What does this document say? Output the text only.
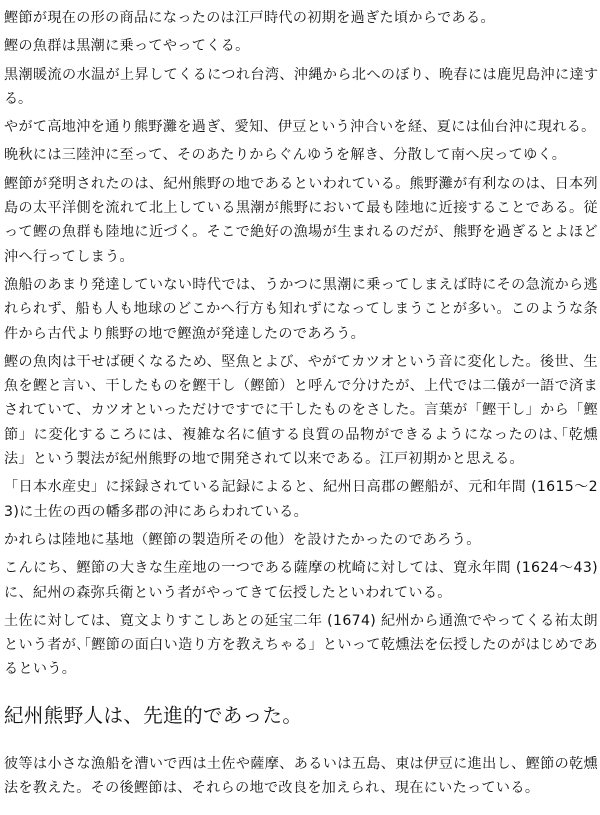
鰹節が現在の形の商品になったのは江戸時代の初期を過ぎた頃からである。

鰹の魚群は黒潮に乗ってやってくる。

黒潮暖流の水温が上昇してくるにつれ台湾、沖縄から北へのぼり、晩春には鹿児島沖に達する。

やがて高地沖を通り熊野灘を過ぎ、愛知、伊豆という沖合いを経、夏には仙台沖に現れる。

晩秋には三陸沖に至って、そのあたりからぐんゆうを解き、分散して南へ戻ってゆく。

鰹節が発明されたのは、紀州熊野の地であるといわれている。熊野灘が有利なのは、日本列島の太平洋側を流れて北上している黒潮が熊野において最も陸地に近接することである。従って鰹の魚群も陸地に近づく。そこで絶好の漁場が生まれるのだが、熊野を過ぎるとよほど沖へ行ってしまう。

漁船のあまり発達していない時代では、うかつに黒潮に乗ってしまえば時にその急流から逃れられず、船も人も地球のどこかへ行方も知れずになってしまうことが多い。このような条件から古代より熊野の地で鰹漁が発達したのであろう。

鰹の魚肉は干せば硬くなるため、堅魚とよび、やがてカツオという音に変化した。後世、生魚を鰹と言い、干したものを鰹干し（鰹節）と呼んで分けたが、上代では二儀が一語で済まされていて、カツオといっただけですでに干したものをさした。言葉が「鰹干し」から「鰹節」に変化するころには、複雑な名に値する良質の品物ができるようになったのは､｢乾燻法」という製法が紀州熊野の地で開発されて以来である。江戸初期かと思える。

「日本水産史」に採録されている記録によると、紀州日高郡の鰹船が、元和年間 (1615〜23)に土佐の西の幡多郡の沖にあらわれている。

かれらは陸地に基地（鰹節の製造所その他）を設けたかったのであろう。

こんにち、鰹節の大きな生産地の一つである薩摩の枕崎に対しては、寛永年間 (1624〜43)に、紀州の森弥兵衛という者がやってきて伝授したといわれている。

土佐に対しては、寛文よりすこしあとの延宝二年 (1674) 紀州から通漁でやってくる祐太朗という者が､｢鰹節の面白い造り方を教えちゃる」といって乾燻法を伝授したのがはじめであるという。

紀州熊野人は、先進的であった。

彼等は小さな漁船を漕いで西は土佐や薩摩、あるいは五島、東は伊豆に進出し、鰹節の乾燻法を教えた。その後鰹節は、それらの地で改良を加えられ、現在にいたっている。
